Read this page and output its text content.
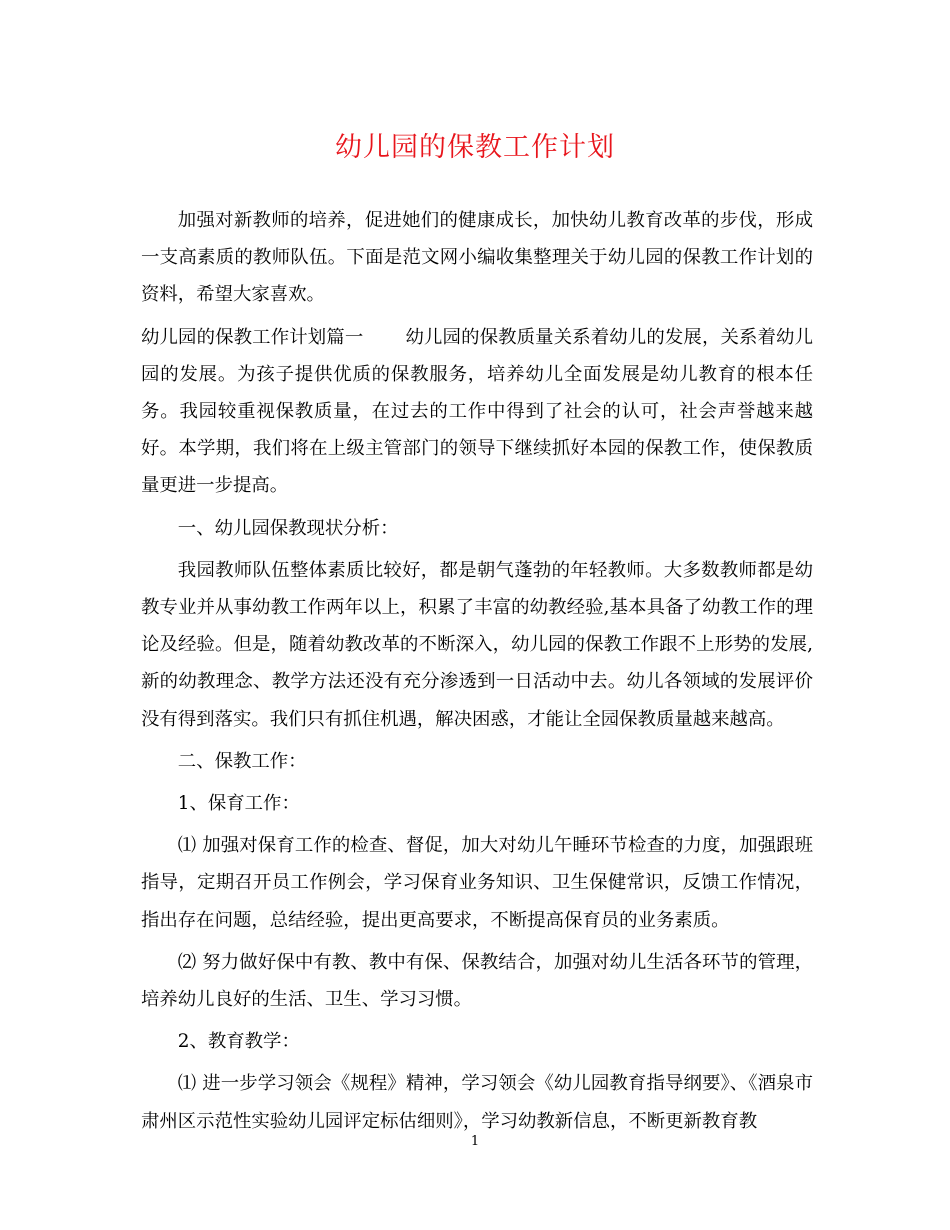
幼儿园的保教工作计划

加强对新教师的培养，促进她们的健康成长，加快幼儿教育改革的步伐，形成一支高素质的教师队伍。下面是范文网小编收集整理关于幼儿园的保教工作计划的资料，希望大家喜欢。

幼儿园的保教工作计划篇一 幼儿园的保教质量关系着幼儿的发展，关系着幼儿园的发展。为孩子提供优质的保教服务，培养幼儿全面发展是幼儿教育的根本任务。我园较重视保教质量，在过去的工作中得到了社会的认可，社会声誉越来越好。本学期，我们将在上级主管部门的领导下继续抓好本园的保教工作，使保教质量更进一步提高。

一、幼儿园保教现状分析：

我园教师队伍整体素质比较好，都是朝气蓬勃的年轻教师。大多数教师都是幼教专业并从事幼教工作两年以上，积累了丰富的幼教经验,基本具备了幼教工作的理论及经验。但是，随着幼教改革的不断深入，幼儿园的保教工作跟不上形势的发展,新的幼教理念、教学方法还没有充分渗透到一日活动中去。幼儿各领域的发展评价没有得到落实。我们只有抓住机遇，解决困惑，才能让全园保教质量越来越高。

二、保教工作：

1、保育工作：

⑴ 加强对保育工作的检查、督促，加大对幼儿午睡环节检查的力度，加强跟班指导，定期召开员工作例会，学习保育业务知识、卫生保健常识，反馈工作情况，指出存在问题，总结经验，提出更高要求，不断提高保育员的业务素质。

⑵ 努力做好保中有教、教中有保、保教结合，加强对幼儿生活各环节的管理，培养幼儿良好的生活、卫生、学习习惯。

2、教育教学：

⑴ 进一步学习领会《规程》精神，学习领会《幼儿园教育指导纲要》、《酒泉市肃州区示范性实验幼儿园评定标估细则》，学习幼教新信息，不断更新教育教

1
